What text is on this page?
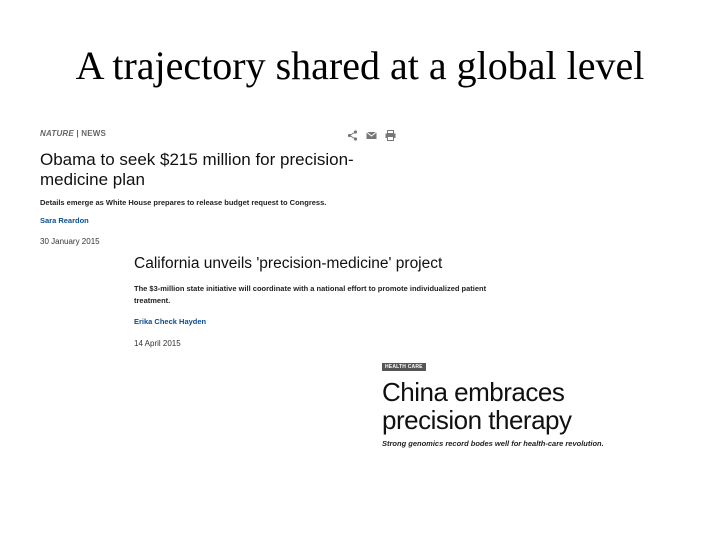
A trajectory shared at a global level
NATURE | NEWS
Obama to seek $215 million for precision-medicine plan
Details emerge as White House prepares to release budget request to Congress.
Sara Reardon
30 January 2015
California unveils 'precision-medicine' project
The $3-million state initiative will coordinate with a national effort to promote individualized patient treatment.
Erika Check Hayden
14 April 2015
HEALTH CARE
China embraces precision therapy
Strong genomics record bodes well for health-care revolution.
